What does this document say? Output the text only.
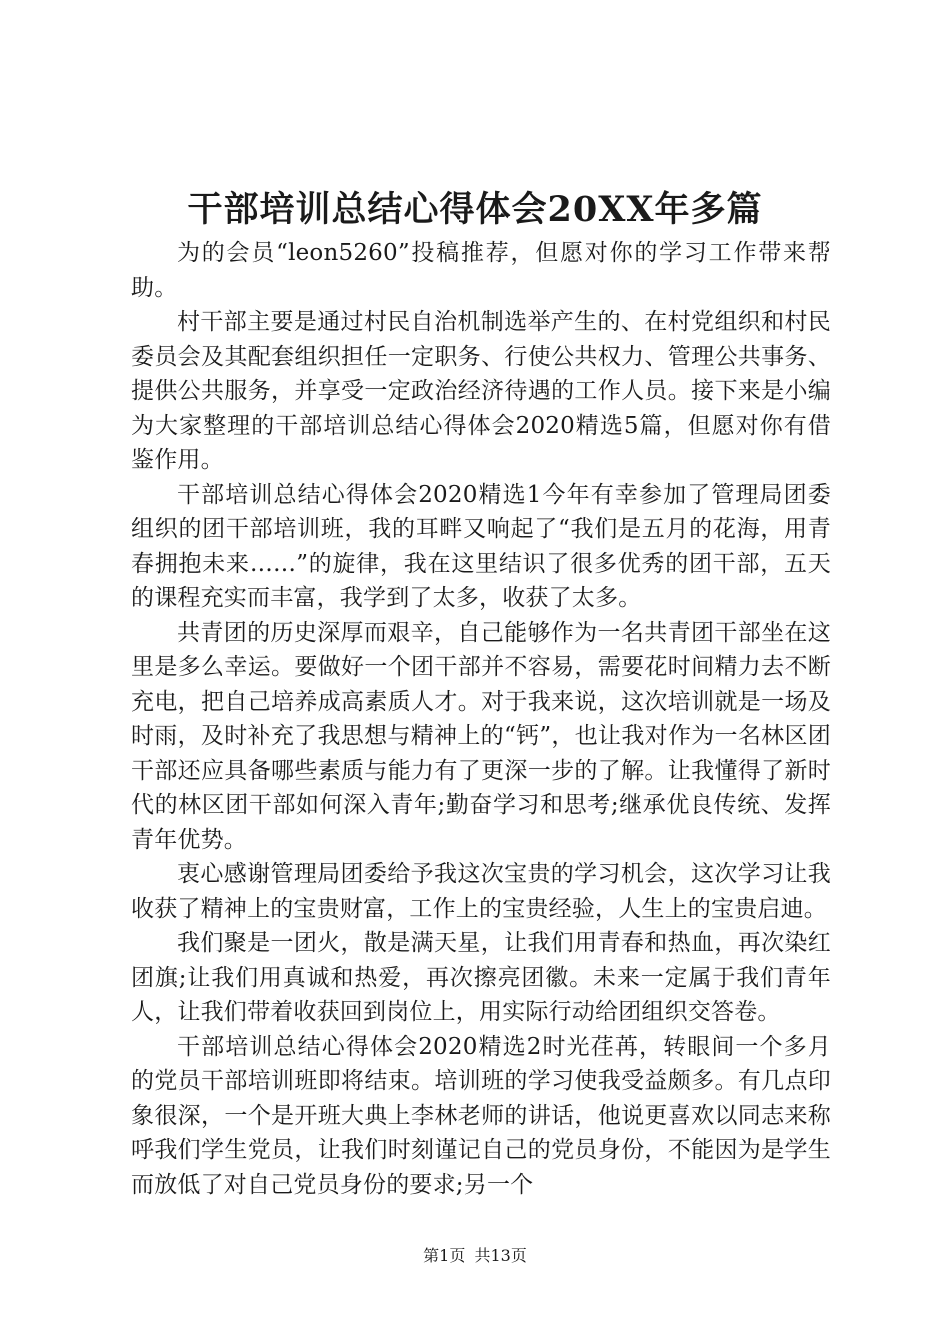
干部培训总结心得体会20XX年多篇

为的会员“leon5260”投稿推荐，但愿对你的学习工作带来帮助。

村干部主要是通过村民自治机制选举产生的、在村党组织和村民委员会及其配套组织担任一定职务、行使公共权力、管理公共事务、提供公共服务，并享受一定政治经济待遇的工作人员。接下来是小编为大家整理的干部培训总结心得体会2020精选5篇，但愿对你有借鉴作用。

干部培训总结心得体会2020精选1今年有幸参加了管理局团委组织的团干部培训班，我的耳畔又响起了“我们是五月的花海，用青春拥抱未来……”的旋律，我在这里结识了很多优秀的团干部，五天的课程充实而丰富，我学到了太多，收获了太多。

共青团的历史深厚而艰辛，自己能够作为一名共青团干部坐在这里是多么幸运。要做好一个团干部并不容易，需要花时间精力去不断充电，把自己培养成高素质人才。对于我来说，这次培训就是一场及时雨，及时补充了我思想与精神上的“钙”，也让我对作为一名林区团干部还应具备哪些素质与能力有了更深一步的了解。让我懂得了新时代的林区团干部如何深入青年;勤奋学习和思考;继承优良传统、发挥青年优势。

衷心感谢管理局团委给予我这次宝贵的学习机会，这次学习让我收获了精神上的宝贵财富，工作上的宝贵经验，人生上的宝贵启迪。

我们聚是一团火，散是满天星，让我们用青春和热血，再次染红团旗;让我们用真诚和热爱，再次擦亮团徽。未来一定属于我们青年人，让我们带着收获回到岗位上，用实际行动给团组织交答卷。

干部培训总结心得体会2020精选2时光荏苒，转眼间一个多月的党员干部培训班即将结束。培训班的学习使我受益颇多。有几点印象很深，一个是开班大典上李林老师的讲话，他说更喜欢以同志来称呼我们学生党员，让我们时刻谨记自己的党员身份，不能因为是学生而放低了对自己党员身份的要求;另一个

第1页 共13页
